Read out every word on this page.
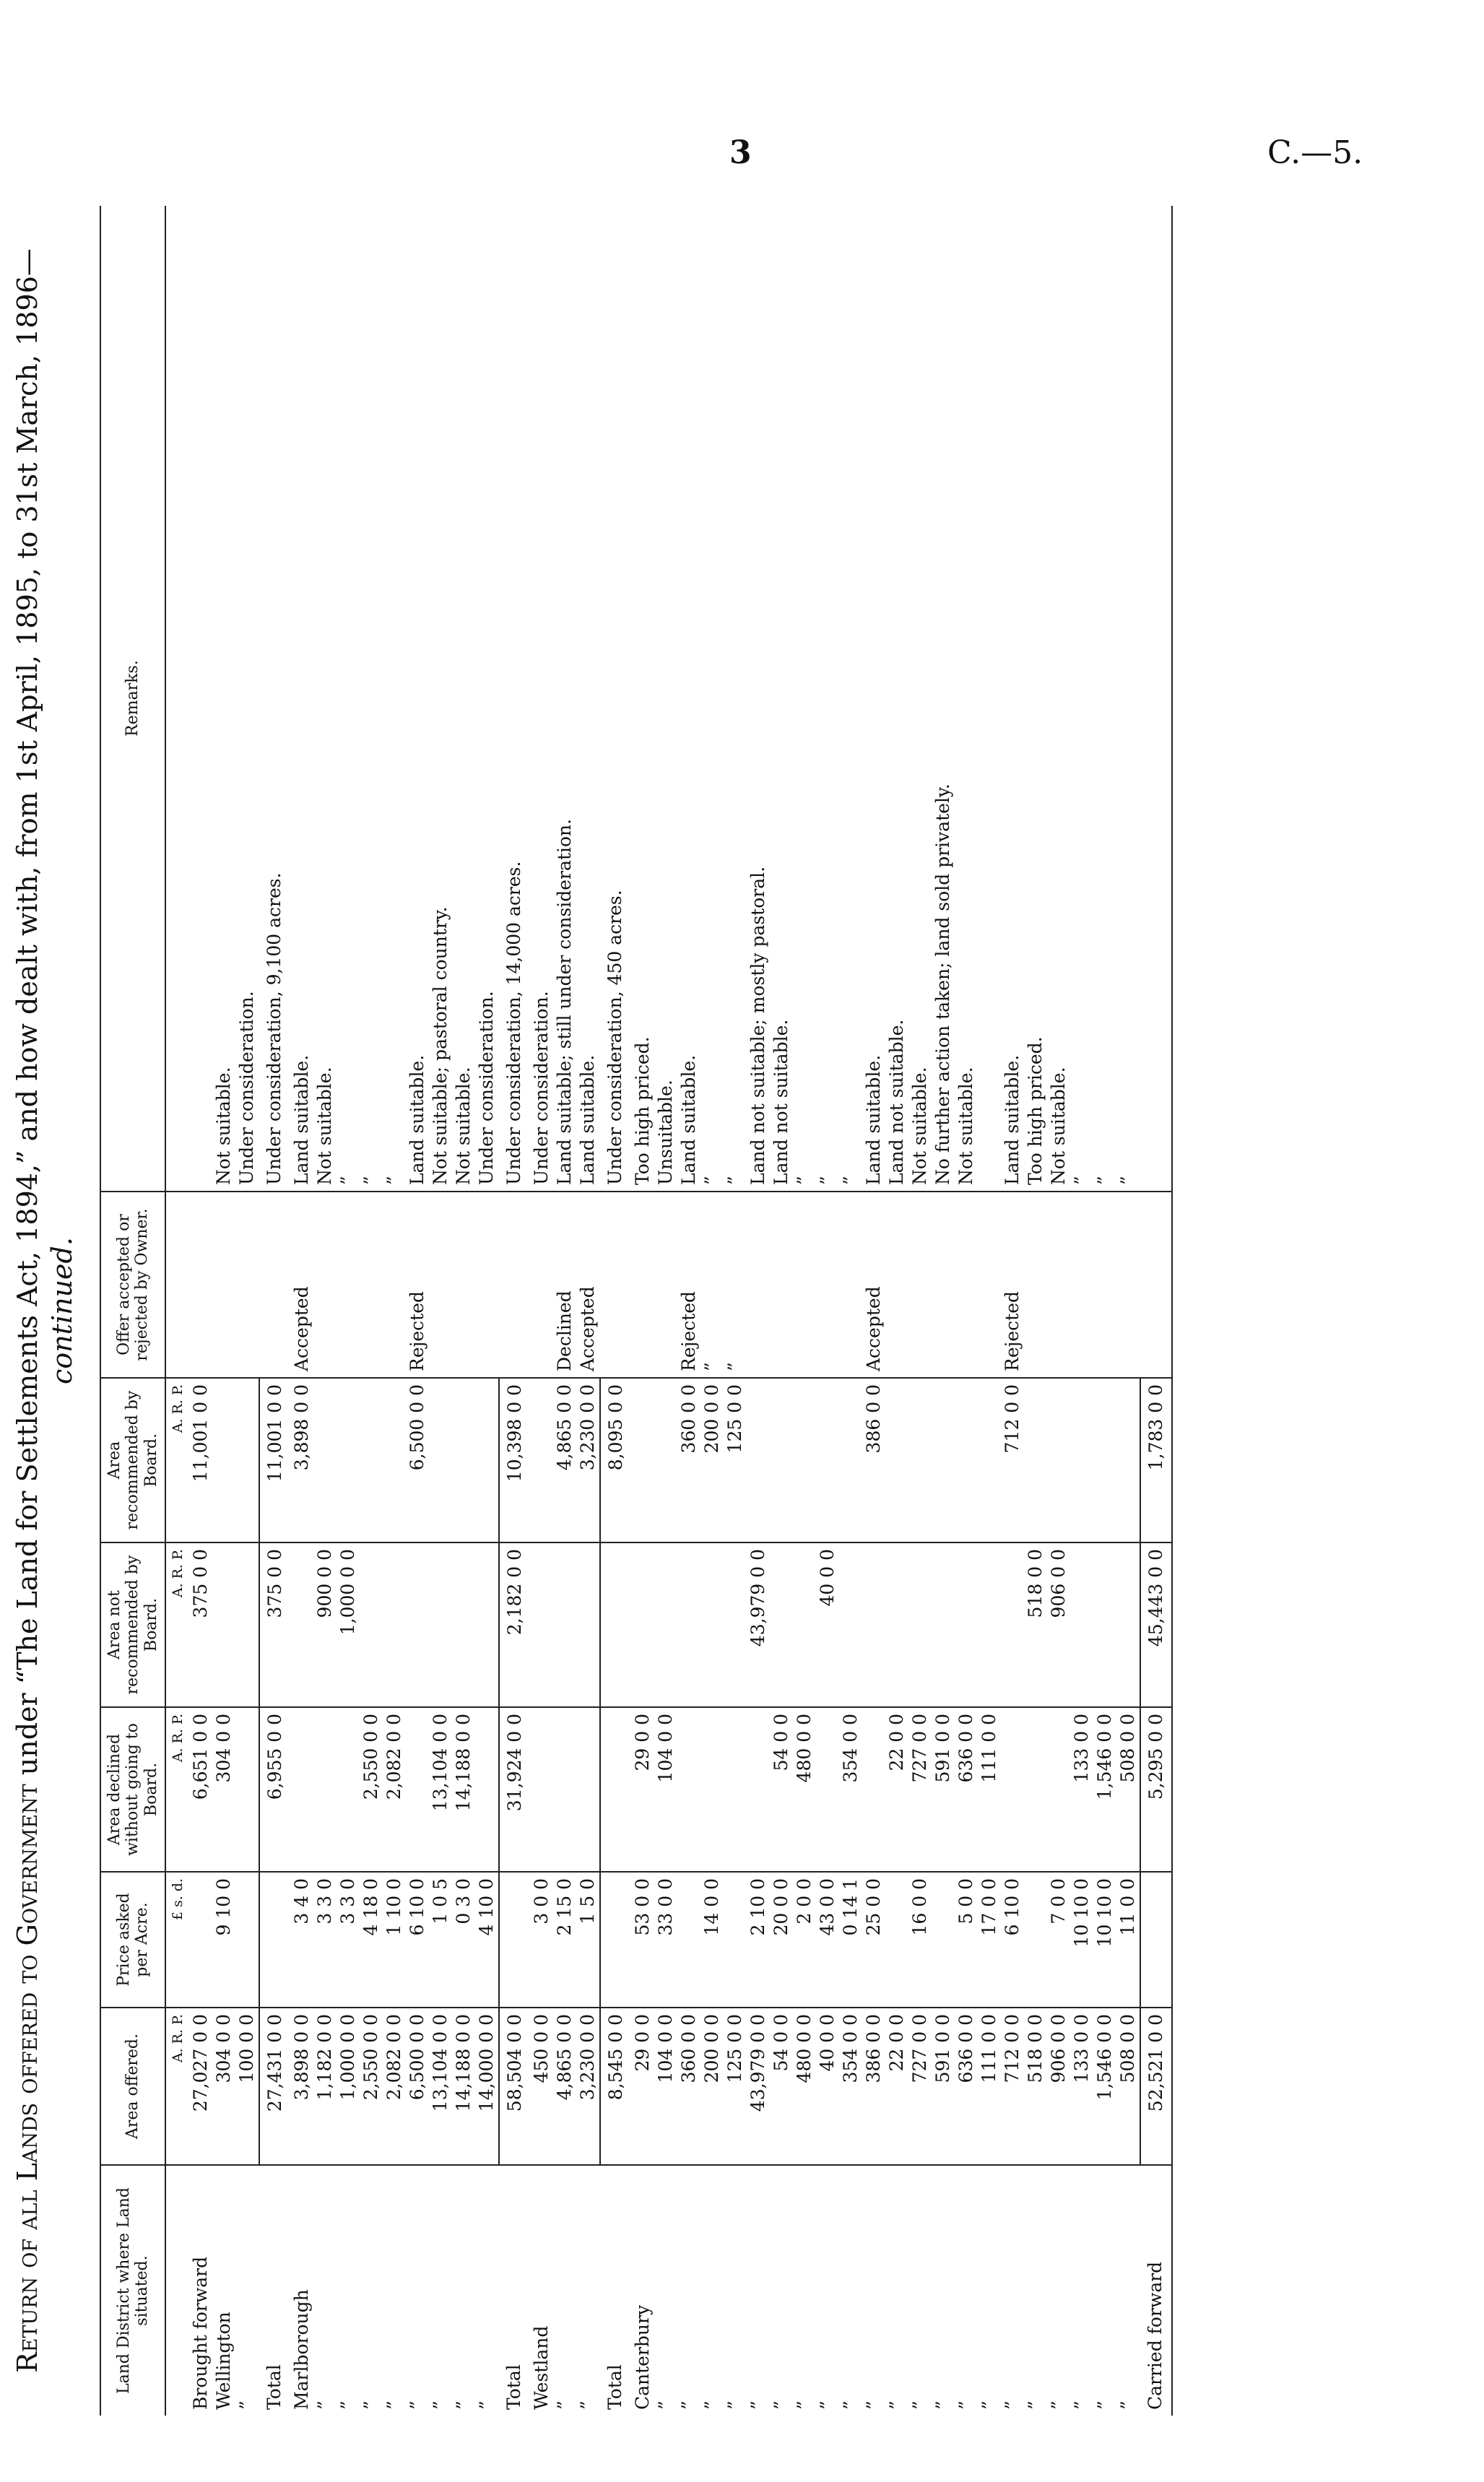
3	C.—5.
Return of all Lands offered to Government under “The Land for Settlements Act, 1894,” and how dealt with, from 1st April, 1895, to 31st March, 1896— continued.
Land District where Land situated.	Area offered.	Price asked per Acre.	Area declined without going to Board.	Area not recommended by Board.	Area recommended by Board.	Offer accepted or rejected by Owner.	Remarks.
	A. R. P.	£ s. d.	A. R. P.	A. R. P.	A. R. P.		
Brought forward	27,027 0 0		6,651 0 0	375 0 0	11,001 0 0		
Wellington	304 0 0	9 10 0	304 0 0				Not suitable.
”	100 0 0						Under consideration.
Total	27,431 0 0		6,955 0 0	375 0 0	11,001 0 0		Under consideration, 9,100 acres.
Marlborough	3,898 0 0	3 4 0			3,898 0 0	Accepted	Land suitable.
”	1,182 0 0	3 3 0		900 0 0			Not suitable.
”	1,000 0 0	3 3 0		1,000 0 0			”
”	2,550 0 0	4 18 0	2,550 0 0				”
”	2,082 0 0	1 10 0	2,082 0 0				”
”	6,500 0 0	6 10 0			6,500 0 0	Rejected	Land suitable.
”	13,104 0 0	1 0 5	13,104 0 0				Not suitable; pastoral country.
”	14,188 0 0	0 3 0	14,188 0 0				Not suitable.
”	14,000 0 0	4 10 0					Under consideration.
Total	58,504 0 0		31,924 0 0	2,182 0 0	10,398 0 0		Under consideration, 14,000 acres.
Westland	450 0 0	3 0 0					Under consideration.
”	4,865 0 0	2 15 0			4,865 0 0	Declined	Land suitable; still under consideration.
”	3,230 0 0	1 5 0			3,230 0 0	Accepted	Land suitable.
Total	8,545 0 0				8,095 0 0		Under consideration, 450 acres.
Canterbury	29 0 0	53 0 0	29 0 0				Too high priced.
”	104 0 0	33 0 0	104 0 0				Unsuitable.
”	360 0 0				360 0 0	Rejected	Land suitable.
”	200 0 0	14 0 0			200 0 0	”	”
”	125 0 0				125 0 0	”	”
”	43,979 0 0	2 10 0		43,979 0 0			Land not suitable; mostly pastoral.
”	54 0 0	20 0 0	54 0 0				Land not suitable.
”	480 0 0	2 0 0	480 0 0				”
”	40 0 0	43 0 0		40 0 0			”
”	354 0 0	0 14 1	354 0 0				”
”	386 0 0	25 0 0			386 0 0	Accepted	Land suitable.
”	22 0 0		22 0 0				Land not suitable.
”	727 0 0	16 0 0	727 0 0				Not suitable.
”	591 0 0		591 0 0				No further action taken; land sold privately.
”	636 0 0	5 0 0	636 0 0				Not suitable.
”	111 0 0	17 0 0	111 0 0				
”	712 0 0	6 10 0			712 0 0	Rejected	Land suitable.
”	518 0 0			518 0 0			Too high priced.
”	906 0 0	7 0 0		906 0 0			Not suitable.
”	133 0 0	10 10 0	133 0 0				”
”	1,546 0 0	10 10 0	1,546 0 0				”
”	508 0 0	11 0 0	508 0 0				”
Carried forward	52,521 0 0		5,295 0 0	45,443 0 0	1,783 0 0		
